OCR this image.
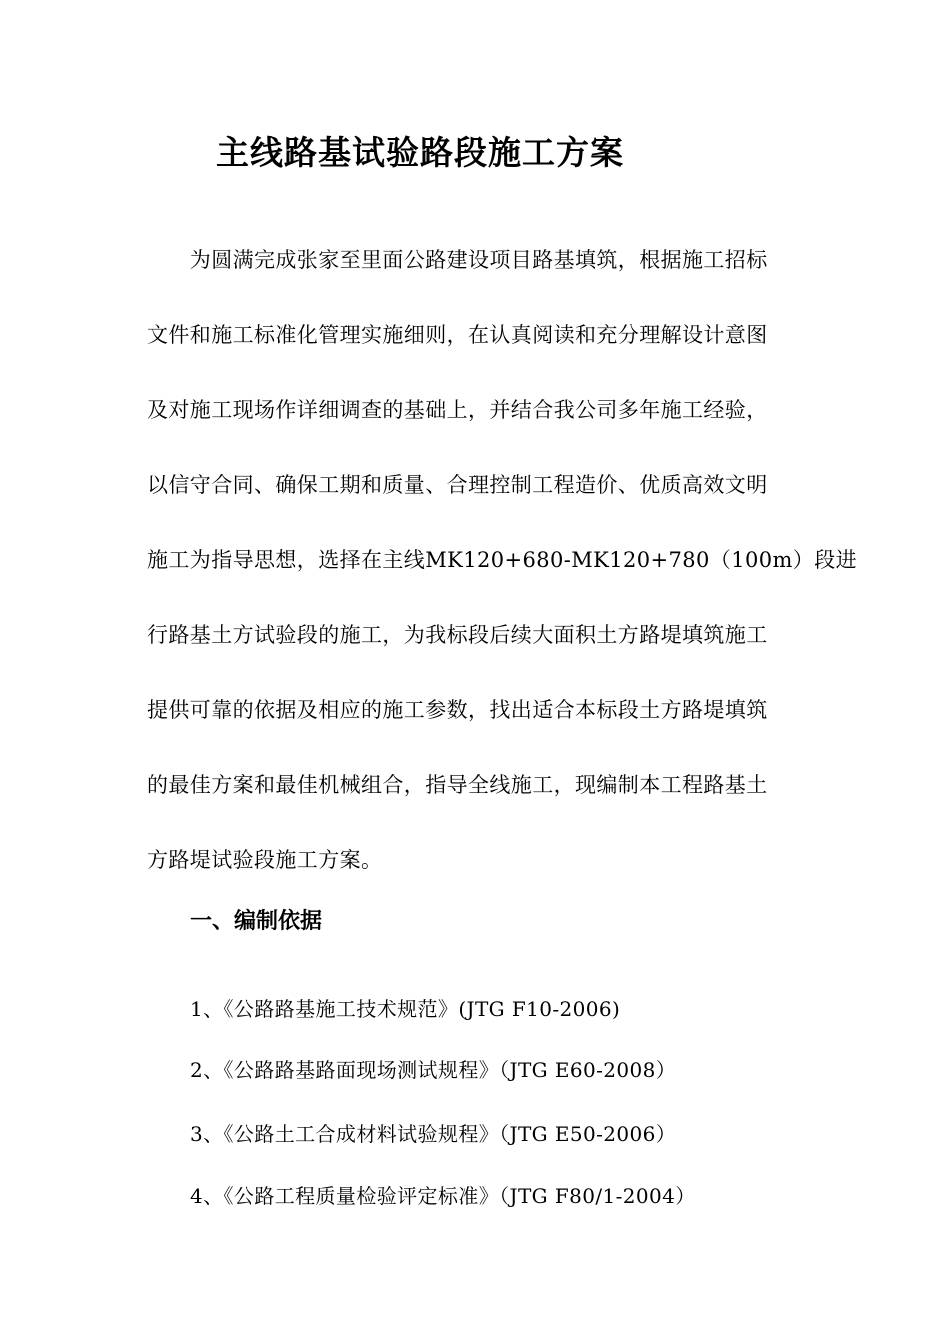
主线路基试验路段施工方案

　　为圆满完成张家至里面公路建设项目路基填筑，根据施工招标

文件和施工标准化管理实施细则，在认真阅读和充分理解设计意图

及对施工现场作详细调查的基础上，并结合我公司多年施工经验，

以信守合同、确保工期和质量、合理控制工程造价、优质高效文明

施工为指导思想，选择在主线MK120+680-MK120+780（100m）段进

行路基土方试验段的施工，为我标段后续大面积土方路堤填筑施工

提供可靠的依据及相应的施工参数，找出适合本标段土方路堤填筑

的最佳方案和最佳机械组合，指导全线施工，现编制本工程路基土

方路堤试验段施工方案。

一、编制依据

1、《公路路基施工技术规范》(JTG F10-2006)

2、《公路路基路面现场测试规程》（JTG E60-2008）

3、《公路土工合成材料试验规程》（JTG E50-2006）

4、《公路工程质量检验评定标准》（JTG F80/1-2004）
